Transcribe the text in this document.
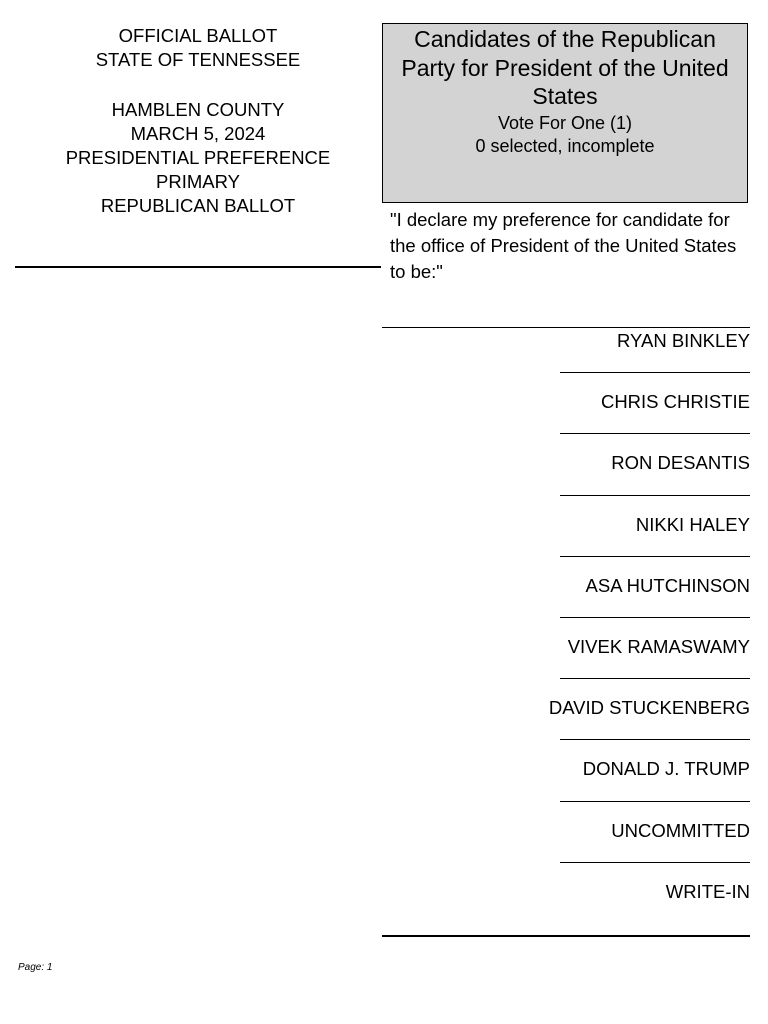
OFFICIAL BALLOT
STATE OF TENNESSEE
HAMBLEN COUNTY
MARCH 5, 2024
PRESIDENTIAL PREFERENCE
PRIMARY
REPUBLICAN BALLOT
Candidates of the Republican Party for President of the United States
Vote For One (1)
0 selected, incomplete
"I declare my preference for candidate for the office of President of the United States to be:"
RYAN BINKLEY
CHRIS CHRISTIE
RON DESANTIS
NIKKI HALEY
ASA HUTCHINSON
VIVEK RAMASWAMY
DAVID STUCKENBERG
DONALD J. TRUMP
UNCOMMITTED
WRITE-IN
Page: 1
